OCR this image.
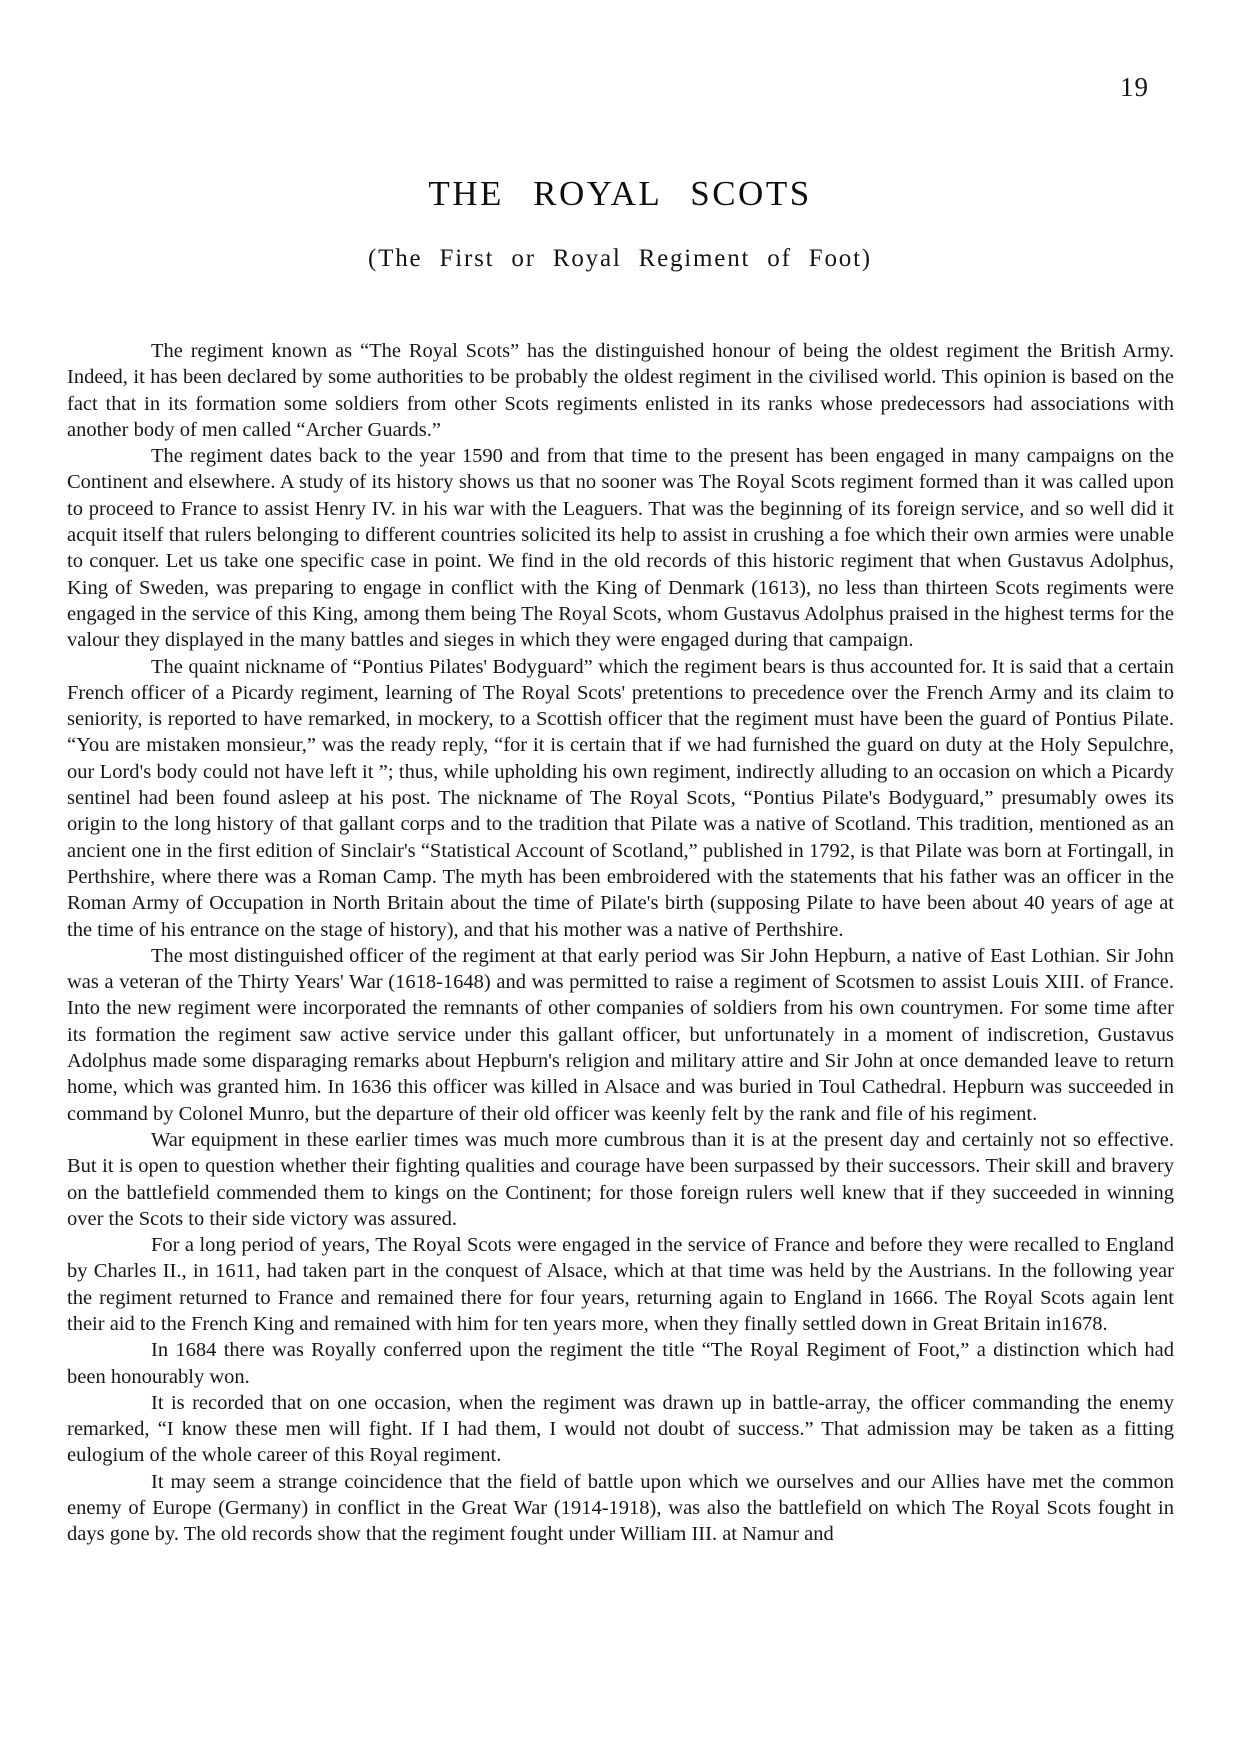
19
THE ROYAL SCOTS
(The First or Royal Regiment of Foot)

The regiment known as “The Royal Scots” has the distinguished honour of being the oldest regiment the British Army. Indeed, it has been declared by some authorities to be probably the oldest regiment in the civilised world. This opinion is based on the fact that in its formation some soldiers from other Scots regiments enlisted in its ranks whose predecessors had associations with another body of men called “Archer Guards.”

The regiment dates back to the year 1590 and from that time to the present has been engaged in many campaigns on the Continent and elsewhere. A study of its history shows us that no sooner was The Royal Scots regiment formed than it was called upon to proceed to France to assist Henry IV. in his war with the Leaguers. That was the beginning of its foreign service, and so well did it acquit itself that rulers belonging to different countries solicited its help to assist in crushing a foe which their own armies were unable to conquer. Let us take one specific case in point. We find in the old records of this historic regiment that when Gustavus Adolphus, King of Sweden, was preparing to engage in conflict with the King of Denmark (1613), no less than thirteen Scots regiments were engaged in the service of this King, among them being The Royal Scots, whom Gustavus Adolphus praised in the highest terms for the valour they displayed in the many battles and sieges in which they were engaged during that campaign.

The quaint nickname of “Pontius Pilates' Bodyguard” which the regiment bears is thus accounted for. It is said that a certain French officer of a Picardy regiment, learning of The Royal Scots' pretentions to precedence over the French Army and its claim to seniority, is reported to have remarked, in mockery, to a Scottish officer that the regiment must have been the guard of Pontius Pilate. “You are mistaken monsieur,” was the ready reply, “for it is certain that if we had furnished the guard on duty at the Holy Sepulchre, our Lord's body could not have left it ”; thus, while upholding his own regiment, indirectly alluding to an occasion on which a Picardy sentinel had been found asleep at his post. The nickname of The Royal Scots, “Pontius Pilate's Bodyguard,” presumably owes its origin to the long history of that gallant corps and to the tradition that Pilate was a native of Scotland. This tradition, mentioned as an ancient one in the first edition of Sinclair's “Statistical Account of Scotland,” published in 1792, is that Pilate was born at Fortingall, in Perthshire, where there was a Roman Camp. The myth has been embroidered with the statements that his father was an officer in the Roman Army of Occupation in North Britain about the time of Pilate's birth (supposing Pilate to have been about 40 years of age at the time of his entrance on the stage of history), and that his mother was a native of Perthshire.

The most distinguished officer of the regiment at that early period was Sir John Hepburn, a native of East Lothian. Sir John was a veteran of the Thirty Years' War (1618-1648) and was permitted to raise a regiment of Scotsmen to assist Louis XIII. of France. Into the new regiment were incorporated the remnants of other companies of soldiers from his own countrymen. For some time after its formation the regiment saw active service under this gallant officer, but unfortunately in a moment of indiscretion, Gustavus Adolphus made some disparaging remarks about Hepburn's religion and military attire and Sir John at once demanded leave to return home, which was granted him. In 1636 this officer was killed in Alsace and was buried in Toul Cathedral. Hepburn was succeeded in command by Colonel Munro, but the departure of their old officer was keenly felt by the rank and file of his regiment.

War equipment in these earlier times was much more cumbrous than it is at the present day and certainly not so effective. But it is open to question whether their fighting qualities and courage have been surpassed by their successors. Their skill and bravery on the battlefield commended them to kings on the Continent; for those foreign rulers well knew that if they succeeded in winning over the Scots to their side victory was assured.

For a long period of years, The Royal Scots were engaged in the service of France and before they were recalled to England by Charles II., in 1611, had taken part in the conquest of Alsace, which at that time was held by the Austrians. In the following year the regiment returned to France and remained there for four years, returning again to England in 1666. The Royal Scots again lent their aid to the French King and remained with him for ten years more, when they finally settled down in Great Britain in1678.

In 1684 there was Royally conferred upon the regiment the title “The Royal Regiment of Foot,” a distinction which had been honourably won.

It is recorded that on one occasion, when the regiment was drawn up in battle-array, the officer commanding the enemy remarked, “I know these men will fight. If I had them, I would not doubt of success.” That admission may be taken as a fitting eulogium of the whole career of this Royal regiment.

It may seem a strange coincidence that the field of battle upon which we ourselves and our Allies have met the common enemy of Europe (Germany) in conflict in the Great War (1914-1918), was also the battlefield on which The Royal Scots fought in days gone by. The old records show that the regiment fought under William III. at Namur and
